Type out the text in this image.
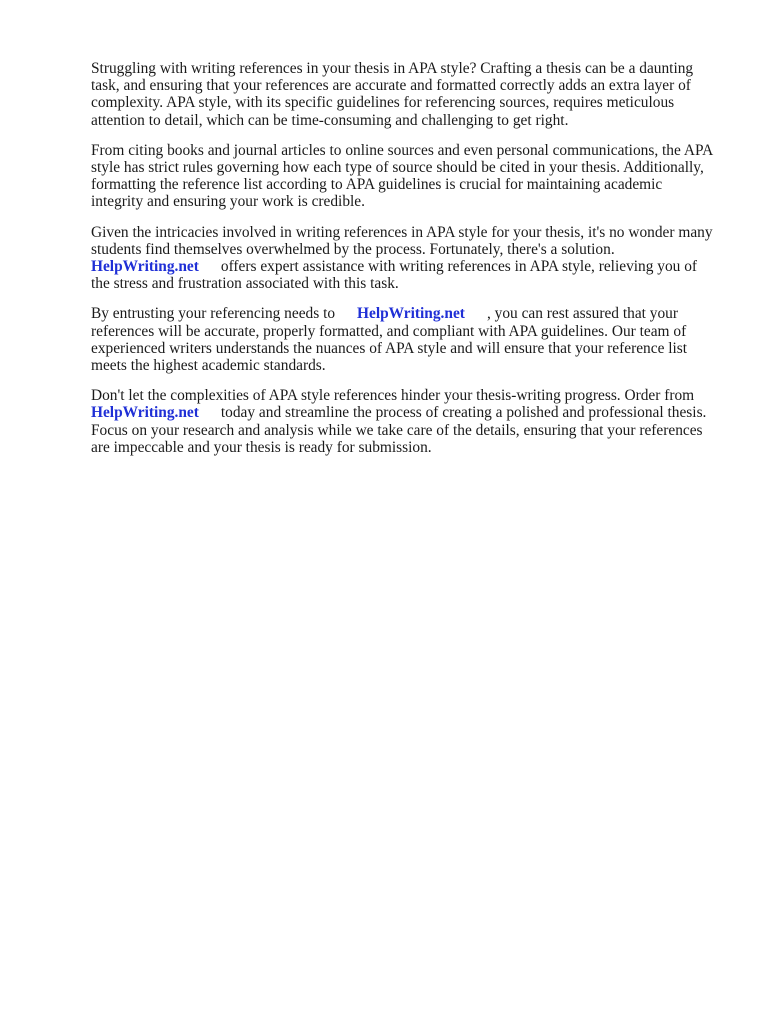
Struggling with writing references in your thesis in APA style? Crafting a thesis can be a daunting
task, and ensuring that your references are accurate and formatted correctly adds an extra layer of
complexity. APA style, with its specific guidelines for referencing sources, requires meticulous
attention to detail, which can be time-consuming and challenging to get right.

From citing books and journal articles to online sources and even personal communications, the APA
style has strict rules governing how each type of source should be cited in your thesis. Additionally,
formatting the reference list according to APA guidelines is crucial for maintaining academic
integrity and ensuring your work is credible.

Given the intricacies involved in writing references in APA style for your thesis, it's no wonder many
students find themselves overwhelmed by the process. Fortunately, there's a solution.
HelpWriting.net offers expert assistance with writing references in APA style, relieving you of
the stress and frustration associated with this task.

By entrusting your referencing needs to HelpWriting.net , you can rest assured that your
references will be accurate, properly formatted, and compliant with APA guidelines. Our team of
experienced writers understands the nuances of APA style and will ensure that your reference list
meets the highest academic standards.

Don't let the complexities of APA style references hinder your thesis-writing progress. Order from
HelpWriting.net today and streamline the process of creating a polished and professional thesis.
Focus on your research and analysis while we take care of the details, ensuring that your references
are impeccable and your thesis is ready for submission.
